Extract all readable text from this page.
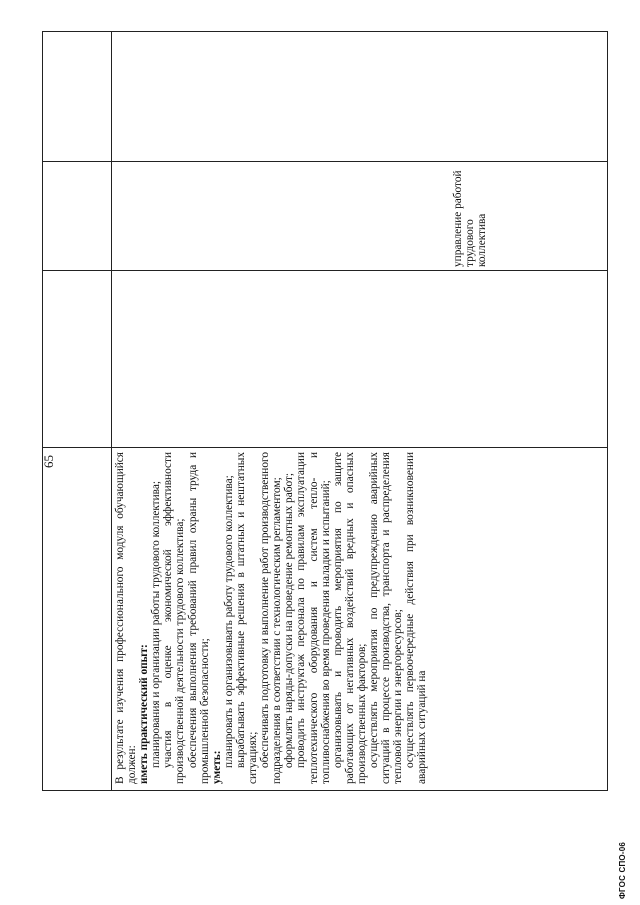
65	В результате изучения профессионального модуля обучающийся должен: иметь практический опыт: планирования и организации работы трудового коллектива; участия в оценке экономической эффективности производственной деятельности трудового коллектива; обеспечения выполнения требований правил охраны труда и промышленной безопасности; уметь: планировать и организовывать работу трудового коллектива; вырабатывать эффективные решения в штатных и нештатных ситуациях; обеспечивать подготовку и выполнение работ производственного подразделения в соответствии с технологическим регламентом; оформлять наряды-допуски на проведение ремонтных работ; проводить инструктаж персонала по правилам эксплуатации теплотехнического оборудования и систем тепло- и топливоснабжения во время проведения наладки и испытаний; организовывать и проводить мероприятия по защите работающих от негативных воздействий вредных и опасных производственных факторов; осуществлять мероприятия по предупреждению аварийных ситуаций в процессе производства, транспорта и распределения тепловой энергии и энергоресурсов; осуществлять первоочередные действия при возникновении аварийных ситуаций на

управление работой трудового коллектива

ФГОС СПО-06
